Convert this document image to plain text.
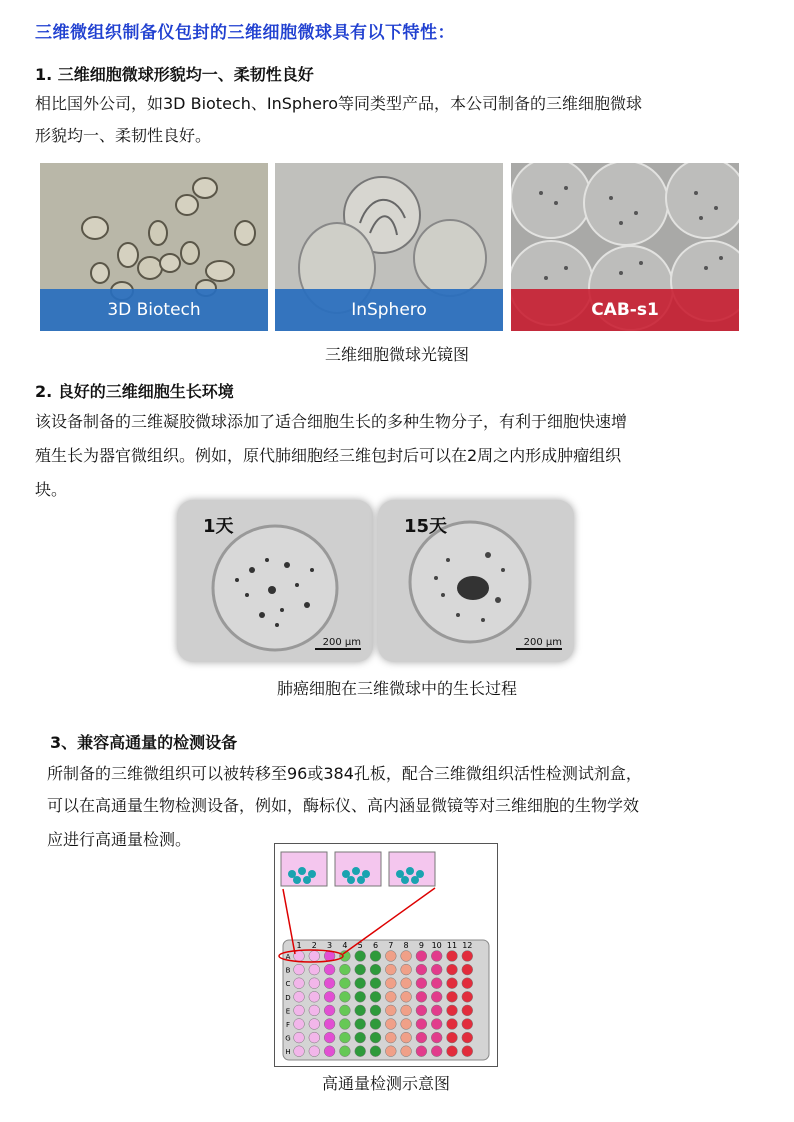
三维微组织制备仪包封的三维细胞微球具有以下特性：
1. 三维细胞微球形貌均一、柔韧性良好
相比国外公司，如3D Biotech、InSphero等同类型产品，本公司制备的三维细胞微球
形貌均一、柔韧性良好。
3D Biotech	InSphero	CAB-s1
三维细胞微球光镜图
2. 良好的三维细胞生长环境
该设备制备的三维凝胶微球添加了适合细胞生长的多种生物分子，有利于细胞快速增
殖生长为器官微组织。例如，原代肺细胞经三维包封后可以在2周之内形成肿瘤组织
块。
1天
200 μm
15天
200 μm
肺癌细胞在三维微球中的生长过程
3、兼容高通量的检测设备
所制备的三维微组织可以被转移至96或384孔板，配合三维微组织活性检测试剂盒，
可以在高通量生物检测设备，例如，酶标仪、高内涵显微镜等对三维细胞的生物学效
应进行高通量检测。
1 2 3 4 5 6 7 8 9 10 11 12
A
B
C
D
E
F
G
H
高通量检测示意图
